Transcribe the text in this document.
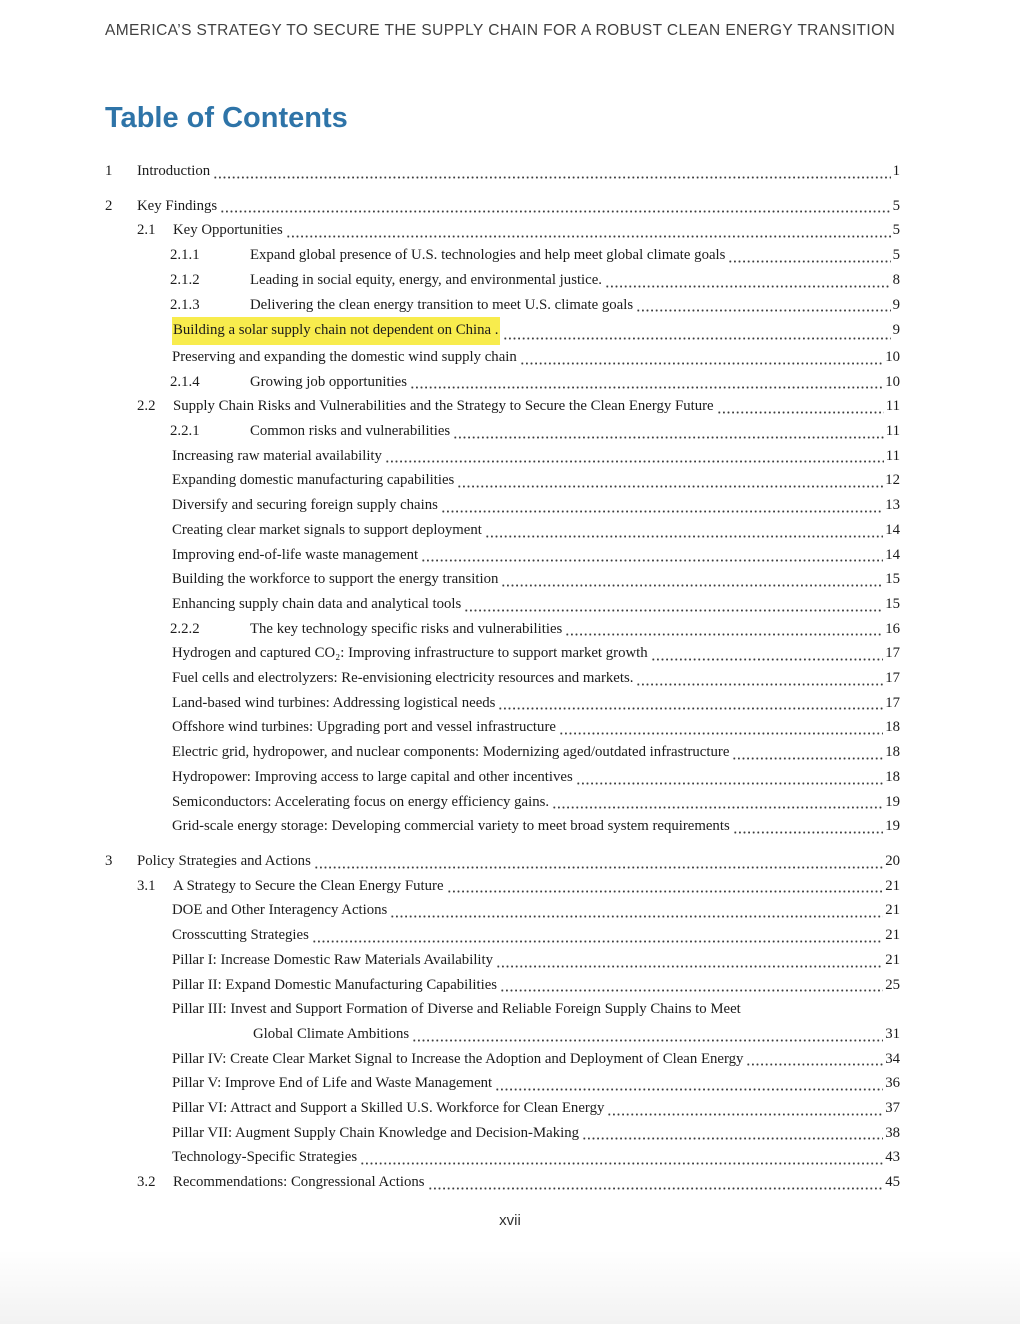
AMERICA’S STRATEGY TO SECURE THE SUPPLY CHAIN FOR A ROBUST CLEAN ENERGY TRANSITION
Table of Contents
1	Introduction	1
2	Key Findings	5
2.1	Key Opportunities	5
2.1.1	Expand global presence of U.S. technologies and help meet global climate goals	5
2.1.2	Leading in social equity, energy, and environmental justice.	8
2.1.3	Delivering the clean energy transition to meet U.S. climate goals	9
Building a solar supply chain not dependent on China .	9
Preserving and expanding the domestic wind supply chain	10
2.1.4	Growing job opportunities	10
2.2	Supply Chain Risks and Vulnerabilities and the Strategy to Secure the Clean Energy Future	11
2.2.1	Common risks and vulnerabilities	11
Increasing raw material availability	11
Expanding domestic manufacturing capabilities	12
Diversify and securing foreign supply chains	13
Creating clear market signals to support deployment	14
Improving end-of-life waste management	14
Building the workforce to support the energy transition	15
Enhancing supply chain data and analytical tools	15
2.2.2	The key technology specific risks and vulnerabilities	16
Hydrogen and captured CO₂: Improving infrastructure to support market growth	17
Fuel cells and electrolyzers: Re-envisioning electricity resources and markets.	17
Land-based wind turbines: Addressing logistical needs	17
Offshore wind turbines: Upgrading port and vessel infrastructure	18
Electric grid, hydropower, and nuclear components: Modernizing aged/outdated infrastructure	18
Hydropower: Improving access to large capital and other incentives	18
Semiconductors: Accelerating focus on energy efficiency gains.	19
Grid-scale energy storage: Developing commercial variety to meet broad system requirements	19
3	Policy Strategies and Actions	20
3.1	A Strategy to Secure the Clean Energy Future	21
DOE and Other Interagency Actions	21
Crosscutting Strategies	21
Pillar I: Increase Domestic Raw Materials Availability	21
Pillar II: Expand Domestic Manufacturing Capabilities	25
Pillar III: Invest and Support Formation of Diverse and Reliable Foreign Supply Chains to Meet
Global Climate Ambitions	31
Pillar IV: Create Clear Market Signal to Increase the Adoption and Deployment of Clean Energy	34
Pillar V: Improve End of Life and Waste Management	36
Pillar VI: Attract and Support a Skilled U.S. Workforce for Clean Energy	37
Pillar VII: Augment Supply Chain Knowledge and Decision-Making	38
Technology-Specific Strategies	43
3.2	Recommendations: Congressional Actions	45
xvii
